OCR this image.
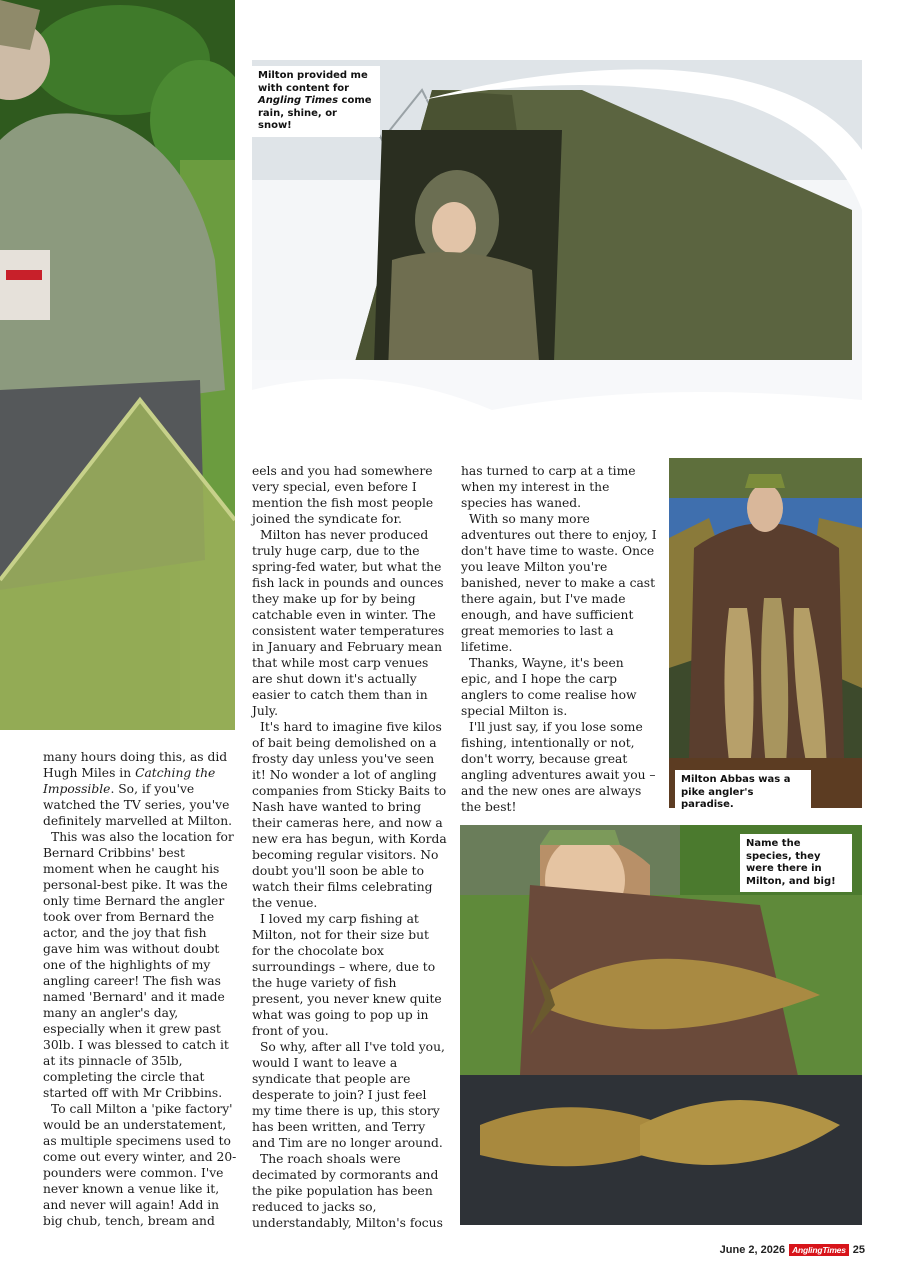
Milton provided me with content for Angling Times come rain, shine, or snow!
Milton Abbas was a pike angler's paradise.
Name the species, they were there in Milton, and big!

many hours doing this, as did Hugh Miles in Catching the Impossible. So, if you've watched the TV series, you've definitely marvelled at Milton.

This was also the location for Bernard Cribbins' best moment when he caught his personal-best pike. It was the only time Bernard the angler took over from Bernard the actor, and the joy that fish gave him was without doubt one of the highlights of my angling career! The fish was named 'Bernard' and it made many an angler's day, especially when it grew past 30lb. I was blessed to catch it at its pinnacle of 35lb, completing the circle that started off with Mr Cribbins.

To call Milton a 'pike factory' would be an understatement, as multiple specimens used to come out every winter, and 20-pounders were common. I've never known a venue like it, and never will again! Add in big chub, tench, bream and

eels and you had somewhere very special, even before I mention the fish most people joined the syndicate for.

Milton has never produced truly huge carp, due to the spring-fed water, but what the fish lack in pounds and ounces they make up for by being catchable even in winter. The consistent water temperatures in January and February mean that while most carp venues are shut down it's actually easier to catch them than in July.

It's hard to imagine five kilos of bait being demolished on a frosty day unless you've seen it! No wonder a lot of angling companies from Sticky Baits to Nash have wanted to bring their cameras here, and now a new era has begun, with Korda becoming regular visitors. No doubt you'll soon be able to watch their films celebrating the venue.

I loved my carp fishing at Milton, not for their size but for the chocolate box surroundings – where, due to the huge variety of fish present, you never knew quite what was going to pop up in front of you.

So why, after all I've told you, would I want to leave a syndicate that people are desperate to join? I just feel my time there is up, this story has been written, and Terry and Tim are no longer around.

The roach shoals were decimated by cormorants and the pike population has been reduced to jacks so, understandably, Milton's focus

has turned to carp at a time when my interest in the species has waned.

With so many more adventures out there to enjoy, I don't have time to waste. Once you leave Milton you're banished, never to make a cast there again, but I've made enough, and have sufficient great memories to last a lifetime.

Thanks, Wayne, it's been epic, and I hope the carp anglers to come realise how special Milton is.

I'll just say, if you lose some fishing, intentionally or not, don't worry, because great angling adventures await you – and the new ones are always the best!

June 2, 2026 AnglingTimes 25
